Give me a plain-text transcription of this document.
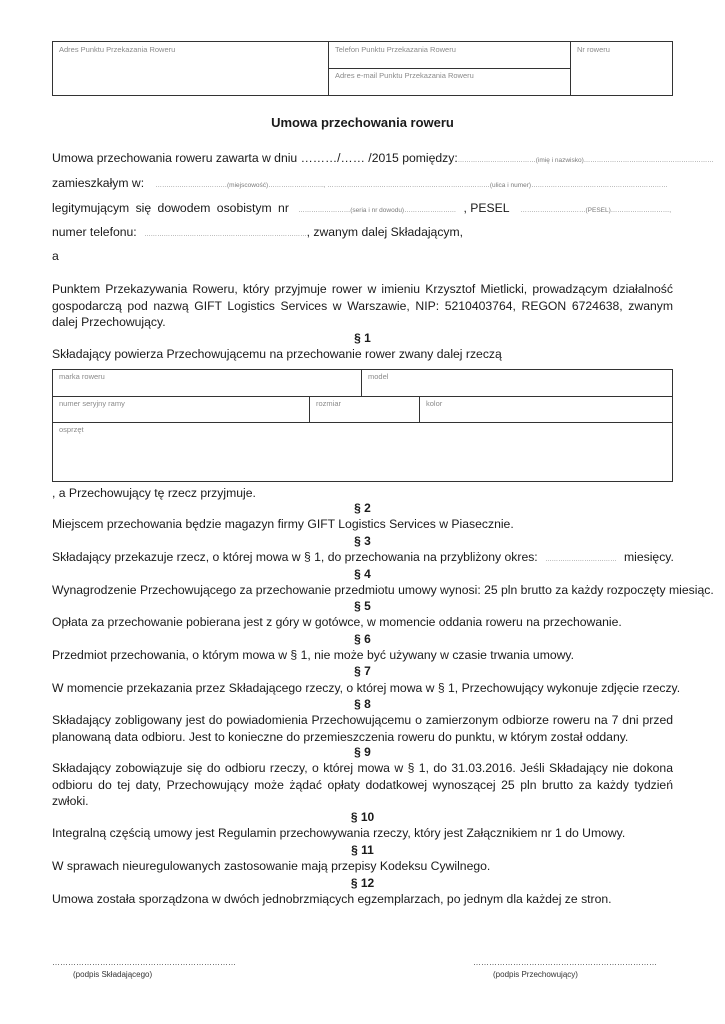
Adres Punktu Przekazania Roweru	Telefon Punktu Przekazania Roweru
Adres e-mail Punktu Przekazania Roweru
Nr roweru
Umowa przechowania roweru
Umowa przechowania roweru zawarta w dniu ………/…… /2015 pomiędzy:………………………………(imię i nazwisko)……………………………………………………
zamieszkałym w: ……………………………(miejscowość)…………………….., …………………………………………………………………(ulica i numer)………………………………………………………
legitymującym się dowodem osobistym nr ……………………(seria i nr dowodu)…………………… , PESEL …………………………(PESEL)………………………,
numer telefonu: …………………………………………………………………, zwanym dalej Składającym,
a
Punktem Przekazywania Roweru, który przyjmuje rower w imieniu Krzysztof Mietlicki, prowadzącym działalność gospodarczą pod nazwą GIFT Logistics Services w Warszawie, NIP: 5210403764, REGON 6724638, zwanym dalej Przechowujący.
§ 1
Składający powierza Przechowującemu na przechowanie rower zwany dalej rzeczą
marka roweru	model
numer seryjny ramy	rozmiar	kolor
osprzęt
, a Przechowujący tę rzecz przyjmuje.
§ 2
Miejscem przechowania będzie magazyn firmy GIFT Logistics Services w Piasecznie.
§ 3
Składający przekazuje rzecz, o której mowa w § 1, do przechowania na przybliżony okres: …………………………… miesięcy.
§ 4
Wynagrodzenie Przechowującego za przechowanie przedmiotu umowy wynosi: 25 pln brutto za każdy rozpoczęty miesiąc.
§ 5
Opłata za przechowanie pobierana jest z góry w gotówce, w momencie oddania roweru na przechowanie.
§ 6
Przedmiot przechowania, o którym mowa w § 1, nie może być używany w czasie trwania umowy.
§ 7
W momencie przekazania przez Składającego rzeczy, o której mowa w § 1, Przechowujący wykonuje zdjęcie rzeczy.
§ 8
Składający zobligowany jest do powiadomienia Przechowującemu o zamierzonym odbiorze roweru na 7 dni przed planowaną data odbioru. Jest to konieczne do przemieszczenia roweru do punktu, w którym został oddany.
§ 9
Składający zobowiązuje się do odbioru rzeczy, o której mowa w § 1, do 31.03.2016. Jeśli Składający nie dokona odbioru do tej daty, Przechowujący może żądać opłaty dodatkowej wynoszącej 25 pln brutto za każdy tydzień zwłoki.
§ 10
Integralną częścią umowy jest Regulamin przechowywania rzeczy, który jest Załącznikiem nr 1 do Umowy.
§ 11
W sprawach nieuregulowanych zastosowanie mają przepisy Kodeksu Cywilnego.
§ 12
Umowa została sporządzona w dwóch jednobrzmiących egzemplarzach, po jednym dla każdej ze stron.
……………………………………………………………
(podpis Składającego)
……………………………………………………………
(podpis Przechowujący)
